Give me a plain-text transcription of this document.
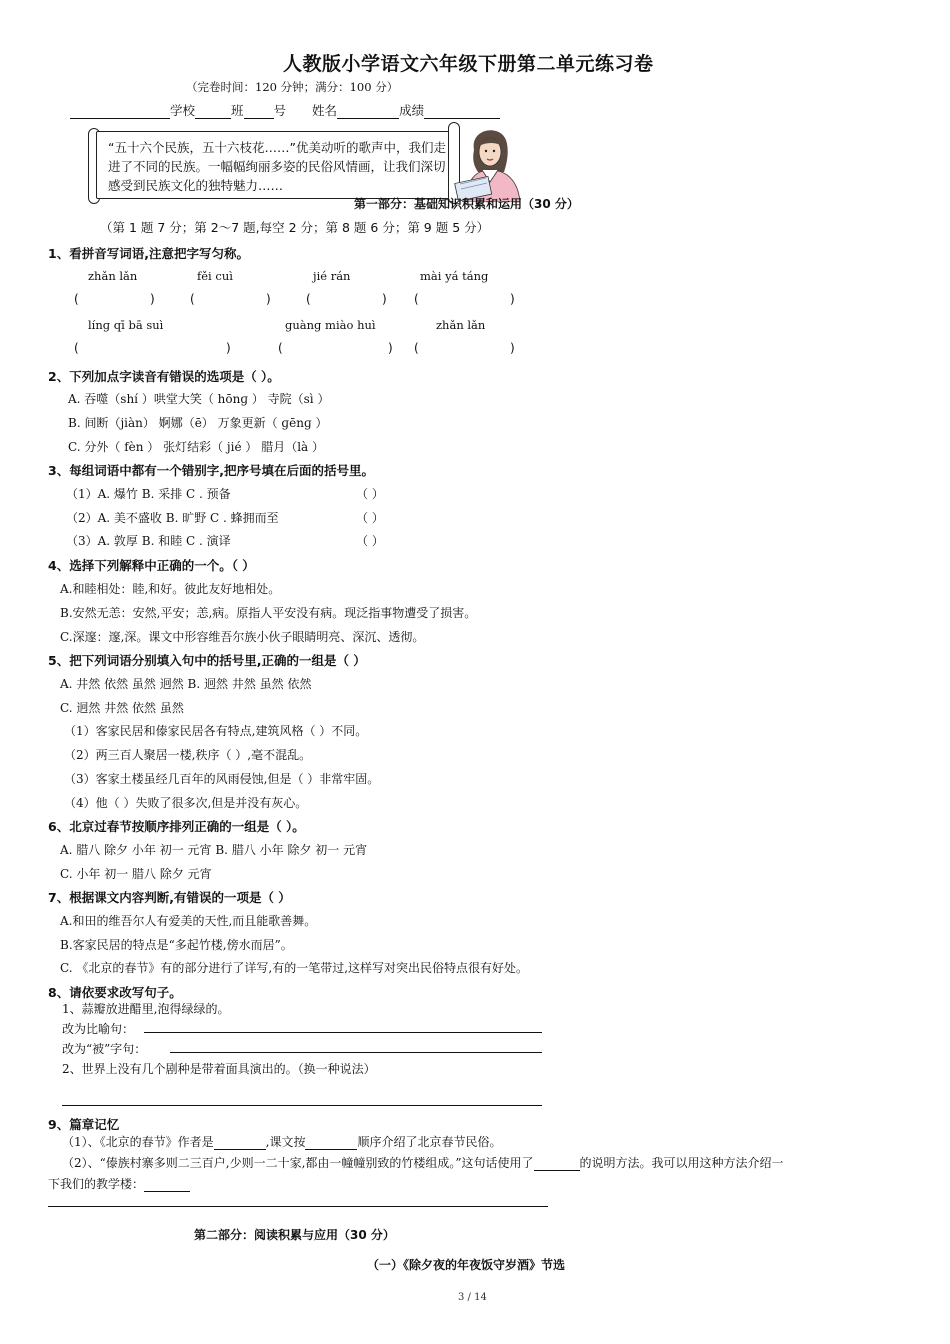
人教版小学语文六年级下册第二单元练习卷
（完卷时间：120 分钟；满分：100 分）
学校	班 号 姓名	成绩
“五十六个民族，五十六枝花……”优美动听的歌声中，我们走进了不同的民族。一幅幅绚丽多姿的民俗风情画，让我们深切感受到民族文化的独特魅力……
第一部分：基础知识积累和运用（30 分）
（第 1 题 7 分；第 2～7 题,每空 2 分；第 8 题 6 分；第 9 题 5 分）
1、看拼音写词语,注意把字写匀称。
zhǎn lǎn	fěi cuì	jié rán	mài yá táng
(	)	(	)	(	) (	)
línɡ qī bā suì	ɡuànɡ miào huì	zhǎn lǎn
(	)	(	) (	)
2、下列加点字读音有错误的选项是（ ）。
A. 吞噬（shí ）哄堂大笑（ hōnɡ ） 寺院（sì ）
B. 间断（jiàn） 婀娜（ē） 万象更新（ ɡēnɡ ）
C. 分外（ fèn ） 张灯结彩（ jié ） 腊月（là ）
3、每组词语中都有一个错别字,把序号填在后面的括号里。
（1）A. 爆竹 B. 采排 C . 预备	（ ）
（2）A. 美不盛收 B. 旷野 C . 蜂拥而至	（ ）
（3）A. 敦厚 B. 和睦 C . 演译	（ ）
4、选择下列解释中正确的一个。（ ）
A.和睦相处：睦,和好。彼此友好地相处。
B.安然无恙：安然,平安；恙,病。原指人平安没有病。现泛指事物遭受了损害。
C.深邃：邃,深。课文中形容维吾尔族小伙子眼睛明亮、深沉、透彻。
5、把下列词语分别填入句中的括号里,正确的一组是（ ）
A. 井然 依然 虽然 迥然 B. 迥然 井然 虽然 依然
C. 迥然 井然 依然 虽然
（1）客家民居和傣家民居各有特点,建筑风格（ ）不同。
（2）两三百人聚居一楼,秩序（ ）,毫不混乱。
（3）客家土楼虽经几百年的风雨侵蚀,但是（ ）非常牢固。
（4）他（ ）失败了很多次,但是并没有灰心。
6、北京过春节按顺序排列正确的一组是（ ）。
A. 腊八 除夕 小年 初一 元宵 B. 腊八 小年 除夕 初一 元宵
C. 小年 初一 腊八 除夕 元宵
7、根据课文内容判断,有错误的一项是（ ）
A.和田的维吾尔人有爱美的天性,而且能歌善舞。
B.客家民居的特点是“多起竹楼,傍水而居”。
C. 《北京的春节》有的部分进行了详写,有的一笔带过,这样写对突出民俗特点很有好处。
8、请依要求改写句子。
1、蒜瓣放进醋里,泡得绿绿的。
改为比喻句：
改为“被”字句：
2、世界上没有几个剧种是带着面具演出的。（换一种说法）
9、篇章记忆
（1）、《北京的春节》作者是	,课文按	顺序介绍了北京春节民俗。
（2）、“傣族村寨多则二三百户,少则一二十家,都由一幢幢别致的竹楼组成。”这句话使用了	的说明方法。我可以用这种方法介绍一
下我们的教学楼：
第二部分：阅读积累与应用（30 分）
（一）《除夕夜的年夜饭守岁酒》节选
3 / 14
